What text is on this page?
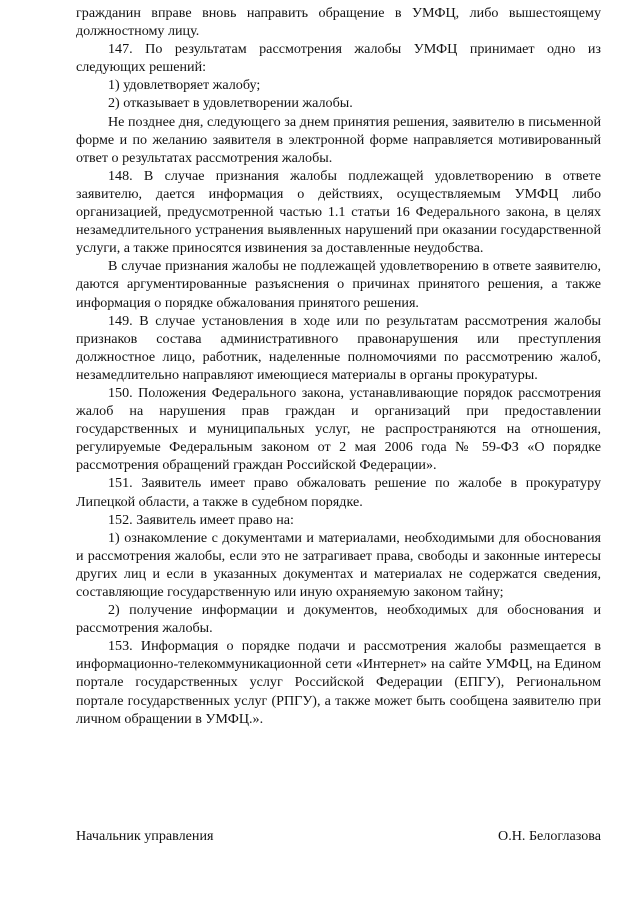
гражданин вправе вновь направить обращение в УМФЦ, либо вышестоящему должностному лицу.

147. По результатам рассмотрения жалобы УМФЦ принимает одно из следующих решений:

1) удовлетворяет жалобу;

2) отказывает в удовлетворении жалобы.

Не позднее дня, следующего за днем принятия решения, заявителю в письменной форме и по желанию заявителя в электронной форме направляется мотивированный ответ о результатах рассмотрения жалобы.

148. В случае признания жалобы подлежащей удовлетворению в ответе заявителю, дается информация о действиях, осуществляемым УМФЦ либо организацией, предусмотренной частью 1.1 статьи 16 Федерального закона, в целях незамедлительного устранения выявленных нарушений при оказании государственной услуги, а также приносятся извинения за доставленные неудобства.

В случае признания жалобы не подлежащей удовлетворению в ответе заявителю, даются аргументированные разъяснения о причинах принятого решения, а также информация о порядке обжалования принятого решения.

149. В случае установления в ходе или по результатам рассмотрения жалобы признаков состава административного правонарушения или преступления должностное лицо, работник, наделенные полномочиями по рассмотрению жалоб, незамедлительно направляют имеющиеся материалы в органы прокуратуры.

150. Положения Федерального закона, устанавливающие порядок рассмотрения жалоб на нарушения прав граждан и организаций при предоставлении государственных и муниципальных услуг, не распространяются на отношения, регулируемые Федеральным законом от 2 мая 2006 года № 59-ФЗ «О порядке рассмотрения обращений граждан Российской Федерации».

151. Заявитель имеет право обжаловать решение по жалобе в прокуратуру Липецкой области, а также в судебном порядке.

152. Заявитель имеет право на:

1) ознакомление с документами и материалами, необходимыми для обоснования и рассмотрения жалобы, если это не затрагивает права, свободы и законные интересы других лиц и если в указанных документах и материалах не содержатся сведения, составляющие государственную или иную охраняемую законом тайну;

2) получение информации и документов, необходимых для обоснования и рассмотрения жалобы.

153. Информация о порядке подачи и рассмотрения жалобы размещается в информационно-телекоммуникационной сети «Интернет» на сайте УМФЦ, на Едином портале государственных услуг Российской Федерации (ЕПГУ), Региональном портале государственных услуг (РПГУ), а также может быть сообщена заявителю при личном обращении в УМФЦ.».

Начальник управления	О.Н. Белоглазова
